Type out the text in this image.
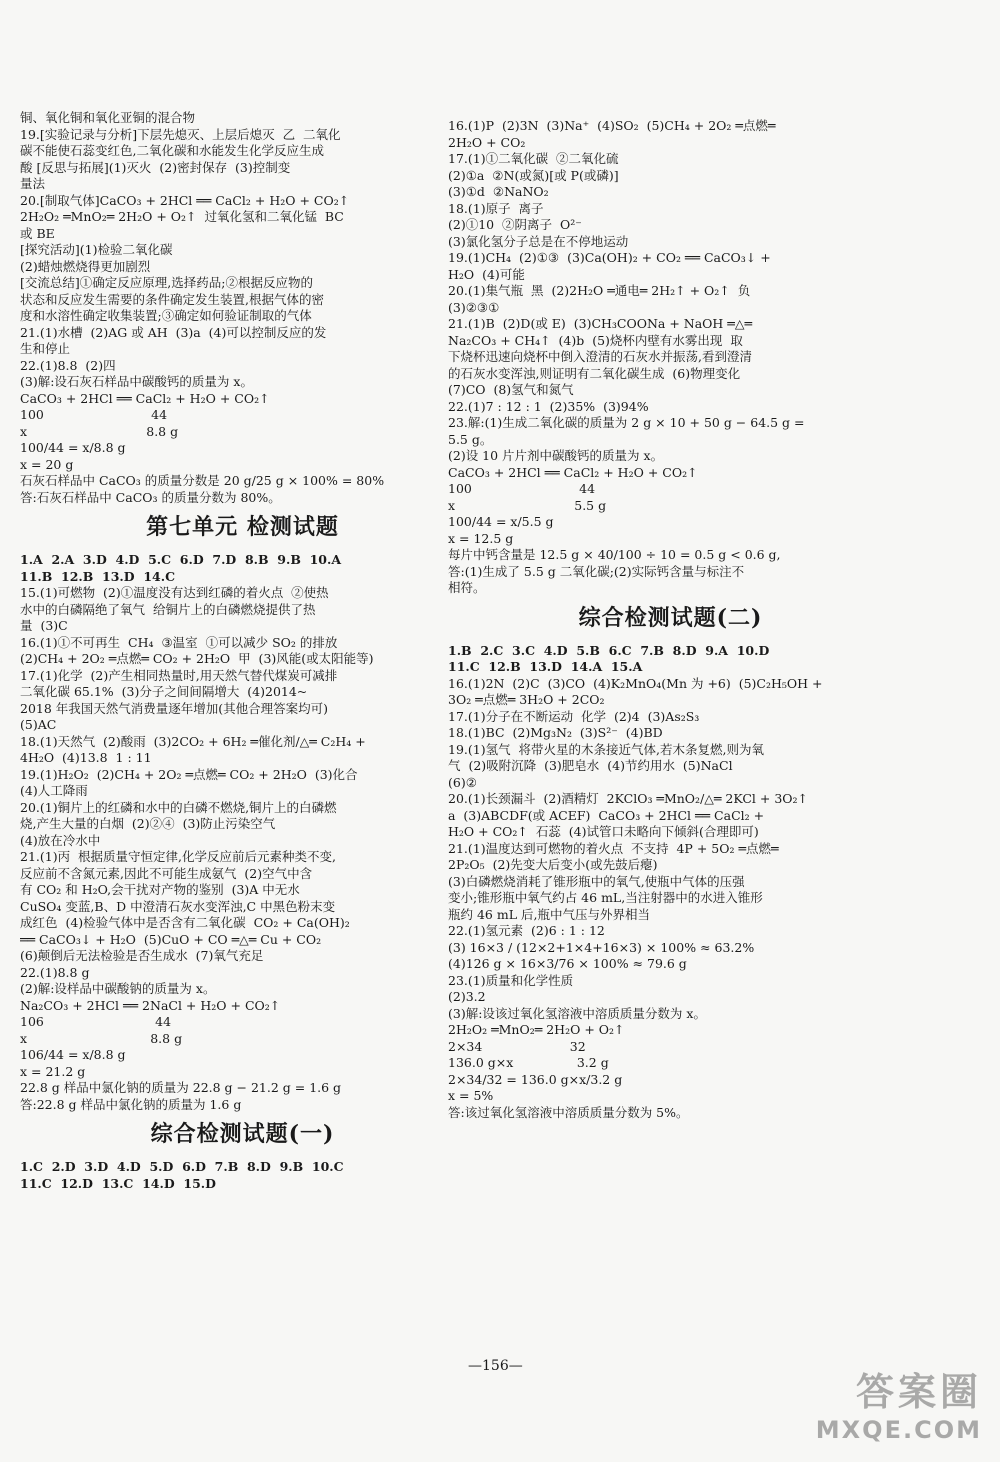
铜、氧化铜和氧化亚铜的混合物
19.[实验记录与分析]下层先熄灭、上层后熄灭  乙  二氧化
碳不能使石蕊变红色,二氧化碳和水能发生化学反应生成
酸 [反思与拓展](1)灭火  (2)密封保存  (3)控制变
量法
20.[制取气体]CaCO₃ + 2HCl ══ CaCl₂ + H₂O + CO₂↑
2H₂O₂ ═MnO₂═ 2H₂O + O₂↑  过氧化氢和二氧化锰  BC
或 BE
[探究活动](1)检验二氧化碳
(2)蜡烛燃烧得更加剧烈
[交流总结]①确定反应原理,选择药品;②根据反应物的
状态和反应发生需要的条件确定发生装置,根据气体的密
度和水溶性确定收集装置;③确定如何验证制取的气体
21.(1)水槽  (2)AG 或 AH  (3)a  (4)可以控制反应的发
生和停止
22.(1)8.8  (2)四
(3)解:设石灰石样品中碳酸钙的质量为 x。
CaCO₃ + 2HCl ══ CaCl₂ + H₂O + CO₂↑
100                           44
x                              8.8 g
100/44 = x/8.8 g
x = 20 g
石灰石样品中 CaCO₃ 的质量分数是 20 g/25 g × 100% = 80%
答:石灰石样品中 CaCO₃ 的质量分数为 80%。
第七单元 检测试题
1.A  2.A  3.D  4.D  5.C  6.D  7.D  8.B  9.B  10.A
11.B  12.B  13.D  14.C
15.(1)可燃物  (2)①温度没有达到红磷的着火点  ②使热
水中的白磷隔绝了氧气  给铜片上的白磷燃烧提供了热
量  (3)C
16.(1)①不可再生  CH₄  ③温室  ①可以减少 SO₂ 的排放
(2)CH₄ + 2O₂ ═点燃═ CO₂ + 2H₂O  甲  (3)风能(或太阳能等)
17.(1)化学  (2)产生相同热量时,用天然气替代煤炭可减排
二氧化碳 65.1%  (3)分子之间间隔增大  (4)2014~
2018 年我国天然气消费量逐年增加(其他合理答案均可)
(5)AC
18.(1)天然气  (2)酸雨  (3)2CO₂ + 6H₂ ═催化剂/△═ C₂H₄ +
4H₂O  (4)13.8  1 : 11
19.(1)H₂O₂  (2)CH₄ + 2O₂ ═点燃═ CO₂ + 2H₂O  (3)化合
(4)人工降雨
20.(1)铜片上的红磷和水中的白磷不燃烧,铜片上的白磷燃
烧,产生大量的白烟  (2)②④  (3)防止污染空气
(4)放在冷水中
21.(1)丙  根据质量守恒定律,化学反应前后元素种类不变,
反应前不含氮元素,因此不可能生成氨气  (2)空气中含
有 CO₂ 和 H₂O,会干扰对产物的鉴别  (3)A 中无水
CuSO₄ 变蓝,B、D 中澄清石灰水变浑浊,C 中黑色粉末变
成红色  (4)检验气体中是否含有二氧化碳  CO₂ + Ca(OH)₂
══ CaCO₃↓ + H₂O  (5)CuO + CO ═△═ Cu + CO₂
(6)颠倒后无法检验是否生成水  (7)氧气充足
22.(1)8.8 g
(2)解:设样品中碳酸钠的质量为 x。
Na₂CO₃ + 2HCl ══ 2NaCl + H₂O + CO₂↑
106                            44
x                               8.8 g
106/44 = x/8.8 g
x = 21.2 g
22.8 g 样品中氯化钠的质量为 22.8 g − 21.2 g = 1.6 g
答:22.8 g 样品中氯化钠的质量为 1.6 g
综合检测试题(一)
1.C  2.D  3.D  4.D  5.D  6.D  7.B  8.D  9.B  10.C
11.C  12.D  13.C  14.D  15.D
16.(1)P  (2)3N  (3)Na⁺  (4)SO₂  (5)CH₄ + 2O₂ ═点燃═
2H₂O + CO₂
17.(1)①二氧化碳  ②二氧化硫
(2)①a  ②N(或氮)[或 P(或磷)]
(3)①d  ②NaNO₂
18.(1)原子  离子
(2)①10  ②阴离子  O²⁻
(3)氯化氢分子总是在不停地运动
19.(1)CH₄  (2)①③  (3)Ca(OH)₂ + CO₂ ══ CaCO₃↓ +
H₂O  (4)可能
20.(1)集气瓶  黑  (2)2H₂O ═通电═ 2H₂↑ + O₂↑  负
(3)②③①
21.(1)B  (2)D(或 E)  (3)CH₃COONa + NaOH ═△═
Na₂CO₃ + CH₄↑  (4)b  (5)烧杯内壁有水雾出现  取
下烧杯迅速向烧杯中倒入澄清的石灰水并振荡,看到澄清
的石灰水变浑浊,则证明有二氧化碳生成  (6)物理变化
(7)CO  (8)氢气和氮气
22.(1)7 : 12 : 1  (2)35%  (3)94%
23.解:(1)生成二氧化碳的质量为 2 g × 10 + 50 g − 64.5 g =
5.5 g。
(2)设 10 片片剂中碳酸钙的质量为 x。
CaCO₃ + 2HCl ══ CaCl₂ + H₂O + CO₂↑
100                           44
x                              5.5 g
100/44 = x/5.5 g
x = 12.5 g
每片中钙含量是 12.5 g × 40/100 ÷ 10 = 0.5 g < 0.6 g,
答:(1)生成了 5.5 g 二氧化碳;(2)实际钙含量与标注不
相符。
综合检测试题(二)
1.B  2.C  3.C  4.D  5.B  6.C  7.B  8.D  9.A  10.D
11.C  12.B  13.D  14.A  15.A
16.(1)2N  (2)C  (3)CO  (4)K₂MnO₄(Mn 为 +6)  (5)C₂H₅OH +
3O₂ ═点燃═ 3H₂O + 2CO₂
17.(1)分子在不断运动  化学  (2)4  (3)As₂S₃
18.(1)BC  (2)Mg₃N₂  (3)S²⁻  (4)BD
19.(1)氢气  将带火星的木条接近气体,若木条复燃,则为氧
气  (2)吸附沉降  (3)肥皂水  (4)节约用水  (5)NaCl
(6)②
20.(1)长颈漏斗  (2)酒精灯  2KClO₃ ═MnO₂/△═ 2KCl + 3O₂↑
a  (3)ABCDF(或 ACEF)  CaCO₃ + 2HCl ══ CaCl₂ +
H₂O + CO₂↑  石蕊  (4)试管口未略向下倾斜(合理即可)
21.(1)温度达到可燃物的着火点  不支持  4P + 5O₂ ═点燃═
2P₂O₅  (2)先变大后变小(或先鼓后瘪)
(3)白磷燃烧消耗了锥形瓶中的氧气,使瓶中气体的压强
变小;锥形瓶中氧气约占 46 mL,当注射器中的水进入锥形
瓶约 46 mL 后,瓶中气压与外界相当
22.(1)氢元素  (2)6 : 1 : 12
(3) 16×3 / (12×2+1×4+16×3) × 100% ≈ 63.2%
(4)126 g × 16×3/76 × 100% ≈ 79.6 g
23.(1)质量和化学性质
(2)3.2
(3)解:设该过氧化氢溶液中溶质质量分数为 x。
2H₂O₂ ═MnO₂═ 2H₂O + O₂↑
2×34                      32
136.0 g×x                3.2 g
2×34/32 = 136.0 g×x/3.2 g
x = 5%
答:该过氧化氢溶液中溶质质量分数为 5%。
—156—
答案圈
MXQE.COM
